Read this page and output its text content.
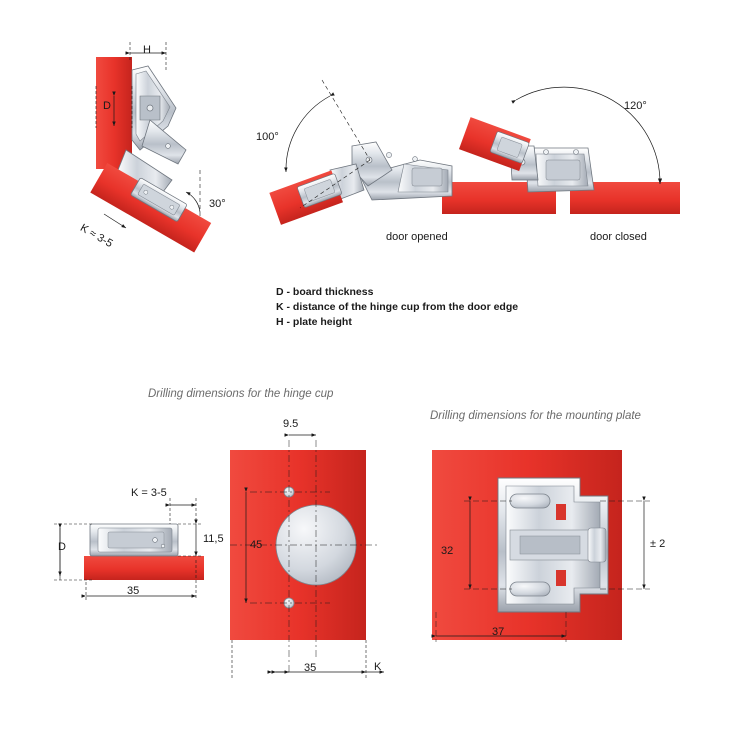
H
D
30°
K ≈ 3-5
100°
door opened
120°
door closed
D - board thickness
K - distance of the hinge cup from the door edge
H - plate height
Drilling dimensions for the hinge cup
Drilling dimensions for the mounting plate
K = 3-5
D
11,5
35
9.5
45
35	K
32
± 2
37
